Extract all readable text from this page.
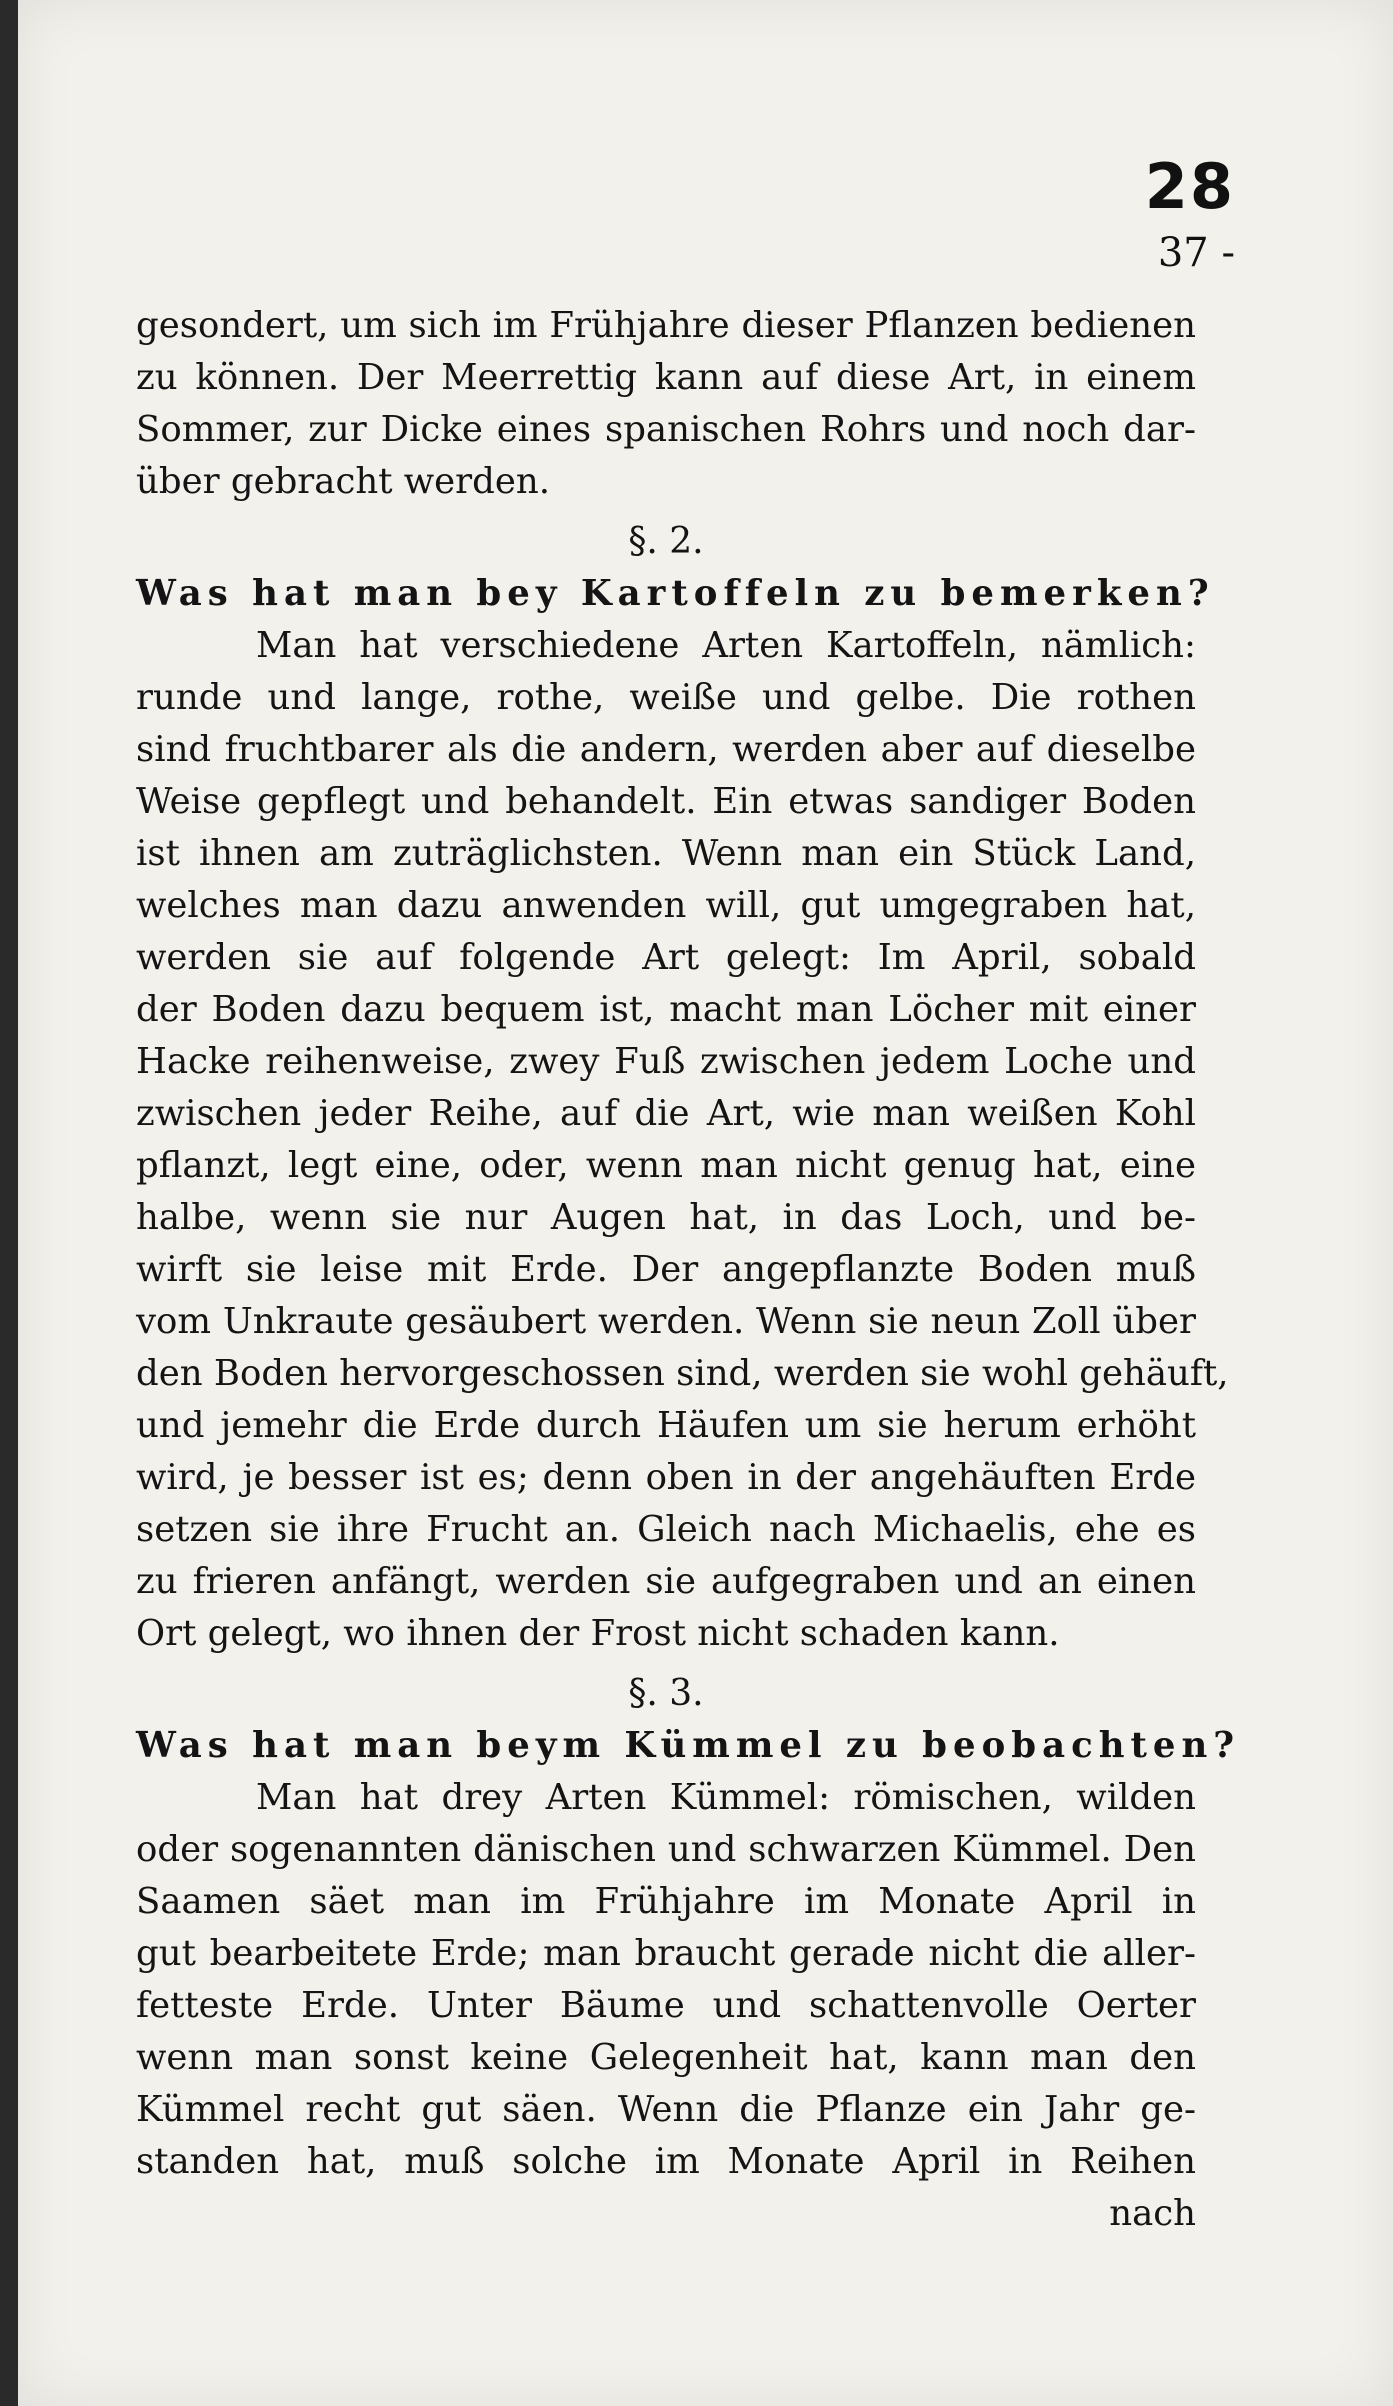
28
37 -
gesondert, um sich im Frühjahre dieser Pflanzen bedienen
zu können. Der Meerrettig kann auf diese Art, in einem
Sommer, zur Dicke eines spanischen Rohrs und noch dar-
über gebracht werden.
§. 2.
Was hat man bey Kartoffeln zu bemerken?
Man hat verschiedene Arten Kartoffeln, nämlich:
runde und lange, rothe, weiße und gelbe. Die rothen
sind fruchtbarer als die andern, werden aber auf dieselbe
Weise gepflegt und behandelt. Ein etwas sandiger Boden
ist ihnen am zuträglichsten. Wenn man ein Stück Land,
welches man dazu anwenden will, gut umgegraben hat,
werden sie auf folgende Art gelegt: Im April, sobald
der Boden dazu bequem ist, macht man Löcher mit einer
Hacke reihenweise, zwey Fuß zwischen jedem Loche und
zwischen jeder Reihe, auf die Art, wie man weißen Kohl
pflanzt, legt eine, oder, wenn man nicht genug hat, eine
halbe, wenn sie nur Augen hat, in das Loch, und be-
wirft sie leise mit Erde. Der angepflanzte Boden muß
vom Unkraute gesäubert werden. Wenn sie neun Zoll über
den Boden hervorgeschossen sind, werden sie wohl gehäuft,
und jemehr die Erde durch Häufen um sie herum erhöht
wird, je besser ist es; denn oben in der angehäuften Erde
setzen sie ihre Frucht an. Gleich nach Michaelis, ehe es
zu frieren anfängt, werden sie aufgegraben und an einen
Ort gelegt, wo ihnen der Frost nicht schaden kann.
§. 3.
Was hat man beym Kümmel zu beobachten?
Man hat drey Arten Kümmel: römischen, wilden
oder sogenannten dänischen und schwarzen Kümmel. Den
Saamen säet man im Frühjahre im Monate April in
gut bearbeitete Erde; man braucht gerade nicht die aller-
fetteste Erde. Unter Bäume und schattenvolle Oerter
wenn man sonst keine Gelegenheit hat, kann man den
Kümmel recht gut säen. Wenn die Pflanze ein Jahr ge-
standen hat, muß solche im Monate April in Reihen
nach
